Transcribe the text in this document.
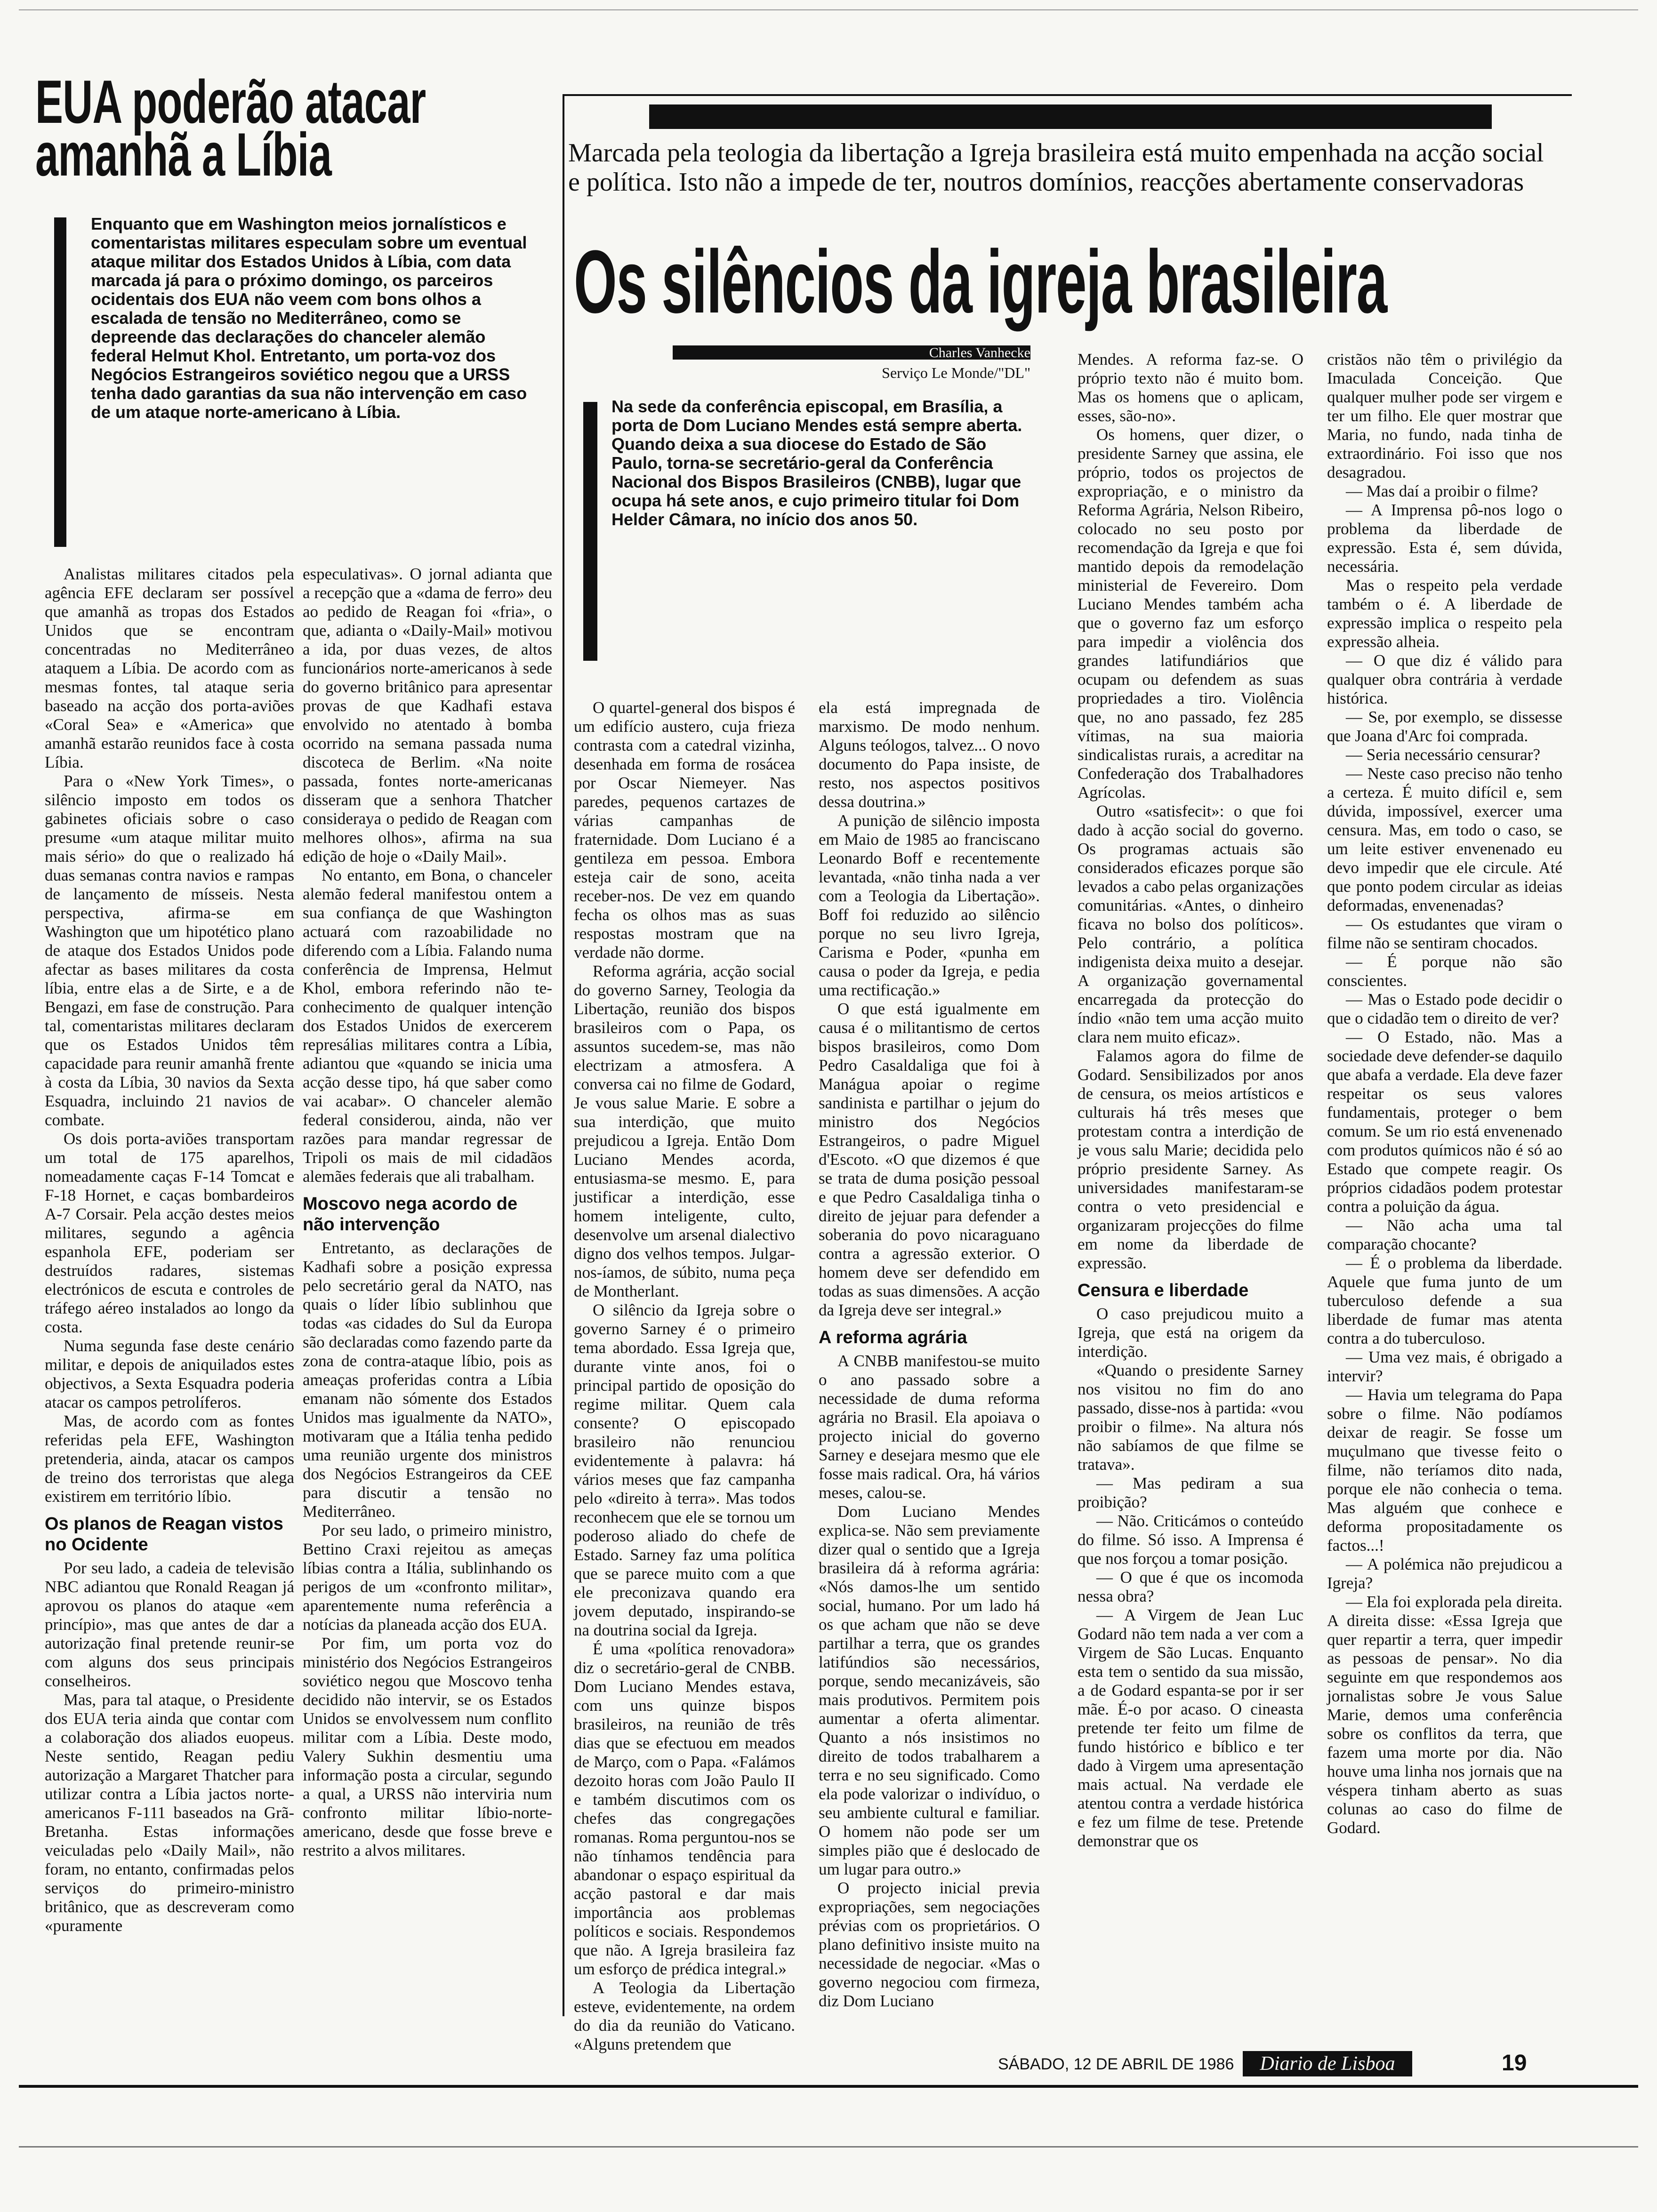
EUA poderão atacar
amanhã a Líbia
Enquanto que em Washington meios jornalísticos e comentaristas militares especulam sobre um eventual ataque militar dos Estados Unidos à Líbia, com data marcada já para o próximo domingo, os parceiros ocidentais dos EUA não veem com bons olhos a escalada de tensão no Mediterrâneo, como se depreende das declarações do chanceler alemão federal Helmut Khol. Entretanto, um porta-voz dos Negócios Estrangeiros soviético negou que a URSS tenha dado garantias da sua não intervenção em caso de um ataque norte-americano à Líbia.

Analistas militares citados pela agência EFE declaram ser possível que amanhã as tropas dos Estados Unidos que se encontram concentradas no Mediterrâneo ataquem a Líbia. De acordo com as mesmas fontes, tal ataque seria baseado na acção dos porta-aviões «Coral Sea» e «America» que amanhã estarão reunidos face à costa Líbia.

Para o «New York Times», o silêncio imposto em todos os gabinetes oficiais sobre o caso presume «um ataque militar muito mais sério» do que o realizado há duas semanas contra navios e rampas de lançamento de mísseis. Nesta perspectiva, afirma-se em Washington que um hipotético plano de ataque dos Estados Unidos pode afectar as bases militares da costa líbia, entre elas a de Sirte, e a de Bengazi, em fase de construção. Para tal, comentaristas militares declaram que os Estados Unidos têm capacidade para reunir amanhã frente à costa da Líbia, 30 navios da Sexta Esquadra, incluindo 21 navios de combate.

Os dois porta-aviões transportam um total de 175 aparelhos, nomeadamente caças F-14 Tomcat e F-18 Hornet, e caças bombardeiros A-7 Corsair. Pela acção destes meios militares, segundo a agência espanhola EFE, poderiam ser destruídos radares, sistemas electrónicos de escuta e controles de tráfego aéreo instalados ao longo da costa.

Numa segunda fase deste cenário militar, e depois de aniquilados estes objectivos, a Sexta Esquadra poderia atacar os campos petrolíferos.

Mas, de acordo com as fontes referidas pela EFE, Washington pretenderia, ainda, atacar os campos de treino dos terroristas que alega existirem em território líbio.

Os planos de Reagan vistos no Ocidente

Por seu lado, a cadeia de televisão NBC adiantou que Ronald Reagan já aprovou os planos do ataque «em princípio», mas que antes de dar a autorização final pretende reunir-se com alguns dos seus principais conselheiros.

Mas, para tal ataque, o Presidente dos EUA teria ainda que contar com a colaboração dos aliados euopeus. Neste sentido, Reagan pediu autorização a Margaret Thatcher para utilizar contra a Líbia jactos norte-americanos F-111 baseados na Grã-Bretanha. Estas informações veiculadas pelo «Daily Mail», não foram, no entanto, confirmadas pelos serviços do primeiro-ministro britânico, que as descreveram como «puramente

especulativas». O jornal adianta que a recepção que a «dama de ferro» deu ao pedido de Reagan foi «fria», o que, adianta o «Daily-Mail» motivou a ida, por duas vezes, de altos funcionários norte-americanos à sede do governo britânico para apresentar provas de que Kadhafi estava envolvido no atentado à bomba ocorrido na semana passada numa discoteca de Berlim. «Na noite passada, fontes norte-americanas disseram que a senhora Thatcher consideraya o pedido de Reagan com melhores olhos», afirma na sua edição de hoje o «Daily Mail».

No entanto, em Bona, o chanceler alemão federal manifestou ontem a sua confiança de que Washington actuará com razoabilidade no diferendo com a Líbia. Falando numa conferência de Imprensa, Helmut Khol, embora referindo não te- conhecimento de qualquer intenção dos Estados Unidos de exercerem represálias militares contra a Líbia, adiantou que «quando se inicia uma acção desse tipo, há que saber como vai acabar». O chanceler alemão federal considerou, ainda, não ver razões para mandar regressar de Tripoli os mais de mil cidadãos alemães federais que ali trabalham.

Moscovo nega acordo de não intervenção

Entretanto, as declarações de Kadhafi sobre a posição expressa pelo secretário geral da NATO, nas quais o líder líbio sublinhou que todas «as cidades do Sul da Europa são declaradas como fazendo parte da zona de contra-ataque líbio, pois as ameaças proferidas contra a Líbia emanam não sómente dos Estados Unidos mas igualmente da NATO», motivaram que a Itália tenha pedido uma reunião urgente dos ministros dos Negócios Estrangeiros da CEE para discutir a tensão no Mediterrâneo.

Por seu lado, o primeiro ministro, Bettino Craxi rejeitou as ameças líbias contra a Itália, sublinhando os perigos de um «confronto militar», aparentemente numa referência a notícias da planeada acção dos EUA.

Por fim, um porta voz do ministério dos Negócios Estrangeiros soviético negou que Moscovo tenha decidido não intervir, se os Estados Unidos se envolvessem num conflito militar com a Líbia. Deste modo, Valery Sukhin desmentiu uma informação posta a circular, segundo a qual, a URSS não interviria num confronto militar líbio-norte-americano, desde que fosse breve e restrito a alvos militares.

Marcada pela teologia da libertação a Igreja brasileira está muito empenhada na acção social e política. Isto não a impede de ter, noutros domínios, reacções abertamente conservadoras
Os silêncios da igreja brasileira
Charles Vanhecke
Serviço Le Monde/"DL"
Na sede da conferência episcopal, em Brasília, a porta de Dom Luciano Mendes está sempre aberta. Quando deixa a sua diocese do Estado de São Paulo, torna-se secretário-geral da Conferência Nacional dos Bispos Brasileiros (CNBB), lugar que ocupa há sete anos, e cujo primeiro titular foi Dom Helder Câmara, no início dos anos 50.

O quartel-general dos bispos é um edifício austero, cuja frieza contrasta com a catedral vizinha, desenhada em forma de rosácea por Oscar Niemeyer. Nas paredes, pequenos cartazes de várias campanhas de fraternidade. Dom Luciano é a gentileza em pessoa. Embora esteja cair de sono, aceita receber-nos. De vez em quando fecha os olhos mas as suas respostas mostram que na verdade não dorme.

Reforma agrária, acção social do governo Sarney, Teologia da Libertação, reunião dos bispos brasileiros com o Papa, os assuntos sucedem-se, mas não electrizam a atmosfera. A conversa cai no filme de Godard, Je vous salue Marie. E sobre a sua interdição, que muito prejudicou a Igreja. Então Dom Luciano Mendes acorda, entusiasma-se mesmo. E, para justificar a interdição, esse homem inteligente, culto, desenvolve um arsenal dialectivo digno dos velhos tempos. Julgar-nos-íamos, de súbito, numa peça de Montherlant.

O silêncio da Igreja sobre o governo Sarney é o primeiro tema abordado. Essa Igreja que, durante vinte anos, foi o principal partido de oposição do regime militar. Quem cala consente? O episcopado brasileiro não renunciou evidentemente à palavra: há vários meses que faz campanha pelo «direito à terra». Mas todos reconhecem que ele se tornou um poderoso aliado do chefe de Estado. Sarney faz uma política que se parece muito com a que ele preconizava quando era jovem deputado, inspirando-se na doutrina social da Igreja.

É uma «política renovadora» diz o secretário-geral de CNBB. Dom Luciano Mendes estava, com uns quinze bispos brasileiros, na reunião de três dias que se efectuou em meados de Março, com o Papa. «Falámos dezoito horas com João Paulo II e também discutimos com os chefes das congregações romanas. Roma perguntou-nos se não tínhamos tendência para abandonar o espaço espiritual da acção pastoral e dar mais importância aos problemas políticos e sociais. Respondemos que não. A Igreja brasileira faz um esforço de prédica integral.»

A Teologia da Libertação esteve, evidentemente, na ordem do dia da reunião do Vaticano. «Alguns pretendem que

ela está impregnada de marxismo. De modo nenhum. Alguns teólogos, talvez... O novo documento do Papa insiste, de resto, nos aspectos positivos dessa doutrina.»

A punição de silêncio imposta em Maio de 1985 ao franciscano Leonardo Boff e recentemente levantada, «não tinha nada a ver com a Teologia da Libertação». Boff foi reduzido ao silêncio porque no seu livro Igreja, Carisma e Poder, «punha em causa o poder da Igreja, e pedia uma rectificação.»

O que está igualmente em causa é o militantismo de certos bispos brasileiros, como Dom Pedro Casaldaliga que foi à Manágua apoiar o regime sandinista e partilhar o jejum do ministro dos Negócios Estrangeiros, o padre Miguel d'Escoto. «O que dizemos é que se trata de duma posição pessoal e que Pedro Casaldaliga tinha o direito de jejuar para defender a soberania do povo nicaraguano contra a agressão exterior. O homem deve ser defendido em todas as suas dimensões. A acção da Igreja deve ser integral.»

A reforma agrária

A CNBB manifestou-se muito o ano passado sobre a necessidade de duma reforma agrária no Brasil. Ela apoiava o projecto inicial do governo Sarney e desejara mesmo que ele fosse mais radical. Ora, há vários meses, calou-se.

Dom Luciano Mendes explica-se. Não sem previamente dizer qual o sentido que a Igreja brasileira dá à reforma agrária: «Nós damos-lhe um sentido social, humano. Por um lado há os que acham que não se deve partilhar a terra, que os grandes latifúndios são necessários, porque, sendo mecanizáveis, são mais produtivos. Permitem pois aumentar a oferta alimentar. Quanto a nós insistimos no direito de todos trabalharem a terra e no seu significado. Como ela pode valorizar o indivíduo, o seu ambiente cultural e familiar. O homem não pode ser um simples pião que é deslocado de um lugar para outro.»

O projecto inicial previa expropriações, sem negociações prévias com os proprietários. O plano definitivo insiste muito na necessidade de negociar. «Mas o governo negociou com firmeza, diz Dom Luciano

Mendes. A reforma faz-se. O próprio texto não é muito bom. Mas os homens que o aplicam, esses, são-no».

Os homens, quer dizer, o presidente Sarney que assina, ele próprio, todos os projectos de expropriação, e o ministro da Reforma Agrária, Nelson Ribeiro, colocado no seu posto por recomendação da Igreja e que foi mantido depois da remodelação ministerial de Fevereiro. Dom Luciano Mendes também acha que o governo faz um esforço para impedir a violência dos grandes latifundiários que ocupam ou defendem as suas propriedades a tiro. Violência que, no ano passado, fez 285 vítimas, na sua maioria sindicalistas rurais, a acreditar na Confederação dos Trabalhadores Agrícolas.

Outro «satisfecit»: o que foi dado à acção social do governo. Os programas actuais são considerados eficazes porque são levados a cabo pelas organizações comunitárias. «Antes, o dinheiro ficava no bolso dos políticos». Pelo contrário, a política indigenista deixa muito a desejar. A organização governamental encarregada da protecção do índio «não tem uma acção muito clara nem muito eficaz».

Falamos agora do filme de Godard. Sensibilizados por anos de censura, os meios artísticos e culturais há três meses que protestam contra a interdição de je vous salu Marie; decidida pelo próprio presidente Sarney. As universidades manifestaram-se contra o veto presidencial e organizaram projecções do filme em nome da liberdade de expressão.

Censura e liberdade

O caso prejudicou muito a Igreja, que está na origem da interdição.

«Quando o presidente Sarney nos visitou no fim do ano passado, disse-nos à partida: «vou proibir o filme». Na altura nós não sabíamos de que filme se tratava».

— Mas pediram a sua proibição?

— Não. Criticámos o conteúdo do filme. Só isso. A Imprensa é que nos forçou a tomar posição.

— O que é que os incomoda nessa obra?

— A Virgem de Jean Luc Godard não tem nada a ver com a Virgem de São Lucas. Enquanto esta tem o sentido da sua missão, a de Godard espanta-se por ir ser mãe. É-o por acaso. O cineasta pretende ter feito um filme de fundo histórico e bíblico e ter dado à Virgem uma apresentação mais actual. Na verdade ele atentou contra a verdade histórica e fez um filme de tese. Pretende demonstrar que os

cristãos não têm o privilégio da Imaculada Conceição. Que qualquer mulher pode ser virgem e ter um filho. Ele quer mostrar que Maria, no fundo, nada tinha de extraordinário. Foi isso que nos desagradou.

— Mas daí a proibir o filme?

— A Imprensa pô-nos logo o problema da liberdade de expressão. Esta é, sem dúvida, necessária.

Mas o respeito pela verdade também o é. A liberdade de expressão implica o respeito pela expressão alheia.

— O que diz é válido para qualquer obra contrária à verdade histórica.

— Se, por exemplo, se dissesse que Joana d'Arc foi comprada.

— Seria necessário censurar?

— Neste caso preciso não tenho a certeza. É muito difícil e, sem dúvida, impossível, exercer uma censura. Mas, em todo o caso, se um leite estiver envenenado eu devo impedir que ele circule. Até que ponto podem circular as ideias deformadas, envenenadas?

— Os estudantes que viram o filme não se sentiram chocados.

— É porque não são conscientes.

— Mas o Estado pode decidir o que o cidadão tem o direito de ver?

— O Estado, não. Mas a sociedade deve defender-se daquilo que abafa a verdade. Ela deve fazer respeitar os seus valores fundamentais, proteger o bem comum. Se um rio está envenenado com produtos químicos não é só ao Estado que compete reagir. Os próprios cidadãos podem protestar contra a poluição da água.

— Não acha uma tal comparação chocante?

— É o problema da liberdade. Aquele que fuma junto de um tuberculoso defende a sua liberdade de fumar mas atenta contra a do tuberculoso.

— Uma vez mais, é obrigado a intervir?

— Havia um telegrama do Papa sobre o filme. Não podíamos deixar de reagir. Se fosse um muçulmano que tivesse feito o filme, não teríamos dito nada, porque ele não conhecia o tema. Mas alguém que conhece e deforma propositadamente os factos...!

— A polémica não prejudicou a Igreja?

— Ela foi explorada pela direita. A direita disse: «Essa Igreja que quer repartir a terra, quer impedir as pessoas de pensar». No dia seguinte em que respondemos aos jornalistas sobre Je vous Salue Marie, demos uma conferência sobre os conflitos da terra, que fazem uma morte por dia. Não houve uma linha nos jornais que na véspera tinham aberto as suas colunas ao caso do filme de Godard.

SÁBADO, 12 DE ABRIL DE 1986	Diario de Lisboa	19
